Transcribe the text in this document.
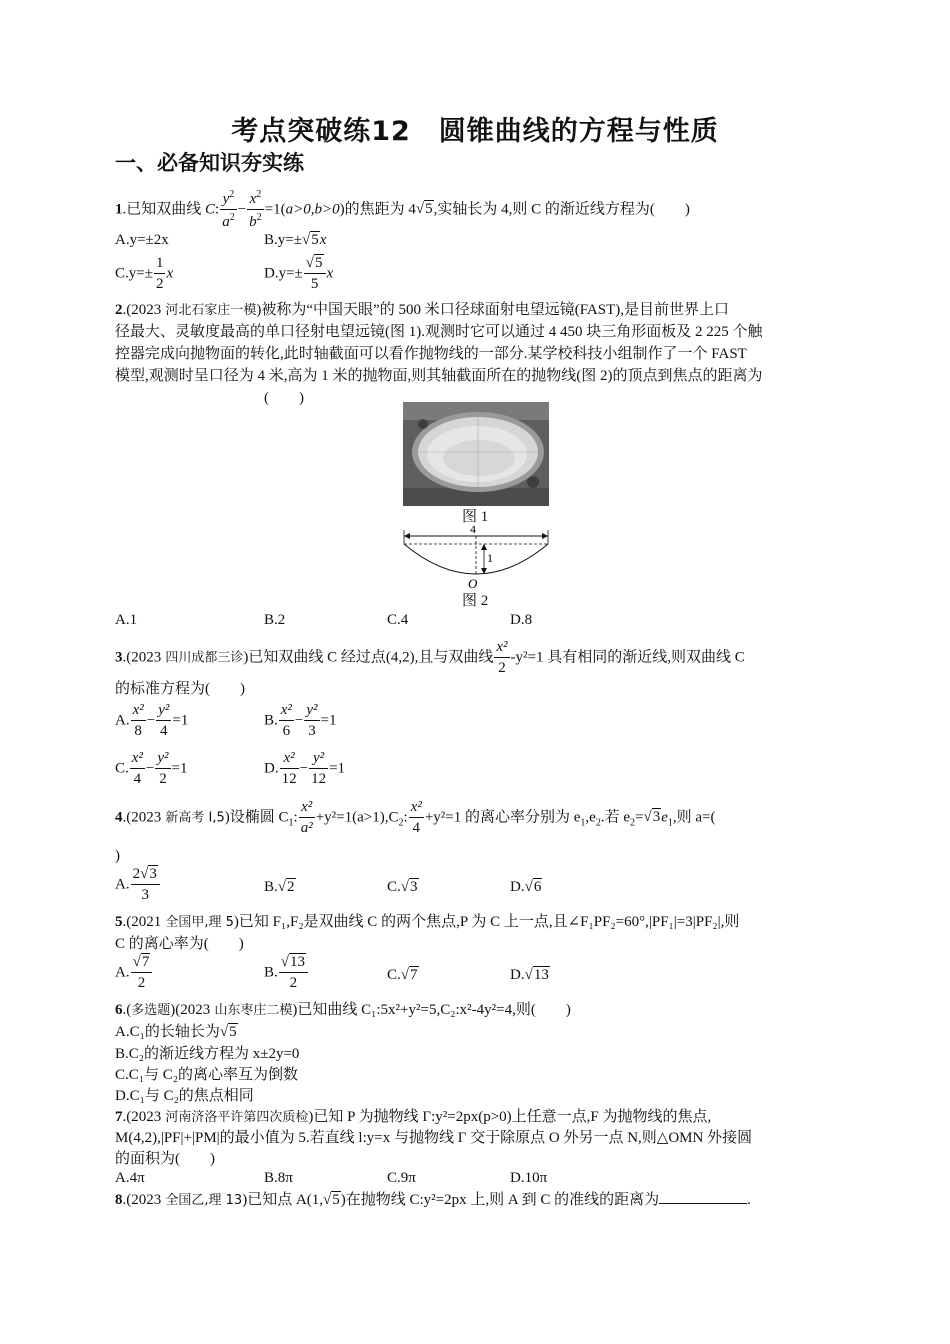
考点突破练12　圆锥曲线的方程与性质
一、必备知识夯实练
1.已知双曲线 C: $\frac{y^2}{a^2} - \frac{x^2}{b^2} =1(a>0,b>0)$的焦距为 4√5,实轴长为 4,则 C 的渐近线方程为(　　)
A.y=±2x	B.y=±√5x
$C.y=\pm \frac{1}{2}$ x	$D.y=\pm \frac{√5}{5}$ x
2.(2023 河北石家庄一模)被称为“中国天眼”的 500 米口径球面射电望远镜(FAST),是目前世界上口
径最大、灵敏度最高的单口径射电望远镜(图 1).观测时它可以通过 4 450 块三角形面板及 2 225 个触
控器完成向抛物面的转化,此时轴截面可以看作抛物线的一部分.某学校科技小组制作了一个 FAST
模型,观测时呈口径为 4 米,高为 1 米的抛物面,则其轴截面所在的抛物线(图 2)的顶点到焦点的距离为
(　　)
图 1
4
1
O
图 2
A.1	B.2	C.4	D.8
3.(2023 四川成都三诊)已知双曲线 C 经过点(4,2),且与双曲线 $\frac{\text{x²}}{2} -y^2=1$ 具有相同的渐近线,则双曲线 C
的标准方程为(　　)
A. $\frac{\text{x²}}{8} - \frac{\text{y²}}{4} =1$	B. $\frac{\text{x²}}{6} - \frac{\text{y²}}{3} =1$
C. $\frac{\text{x²}}{4} - \frac{\text{y²}}{2} =1$	D. $\frac{\text{x²}}{12} - \frac{\text{y²}}{12} =1$
4.(2023 新高考 Ⅰ,5)设椭圆 $C_1$: $\frac{\text{x²}}{\text{a²}} +y^2=1(a>1),C_2$: $\frac{\text{x²}}{4} +y^2=1$ 的离心率分别为 $e_1,e_2$.若 $e_2=√3e_1$,则 a=(
)
A. $\frac{2√3}{3}$	B.√2	C.√3	D.√6
5.(2021 全国甲,理 5)已知 F₁,F₂是双曲线 C 的两个焦点,P 为 C 上一点,且∠F₁PF₂=60°,|PF₁|=3|PF₂|,则
C 的离心率为(　　)
A. $\frac{√7}{2}$	B. $\frac{√13}{2}$	C.√7	D.√13
6.(多选题)(2023 山东枣庄二模)已知曲线 C₁:5x²+y²=5,C₂:x²-4y²=4,则(　　)
A.C₁的长轴长为√5
B.C₂的渐近线方程为 x±2y=0
C.C₁与 C₂的离心率互为倒数
D.C₁与 C₂的焦点相同
7.(2023 河南济洛平许第四次质检)已知 P 为抛物线 Γ:y²=2px(p>0)上任意一点,F 为抛物线的焦点,
M(4,2),|PF|+|PM|的最小值为 5.若直线 l:y=x 与抛物线 Γ 交于除原点 O 外另一点 N,则△OMN 外接圆
的面积为(　　)
A.4π	B.8π	C.9π	D.10π
8.(2023 全国乙,理 13)已知点 A(1,√5)在抛物线 C:y²=2px 上,则 A 到 C 的准线的距离为	.
